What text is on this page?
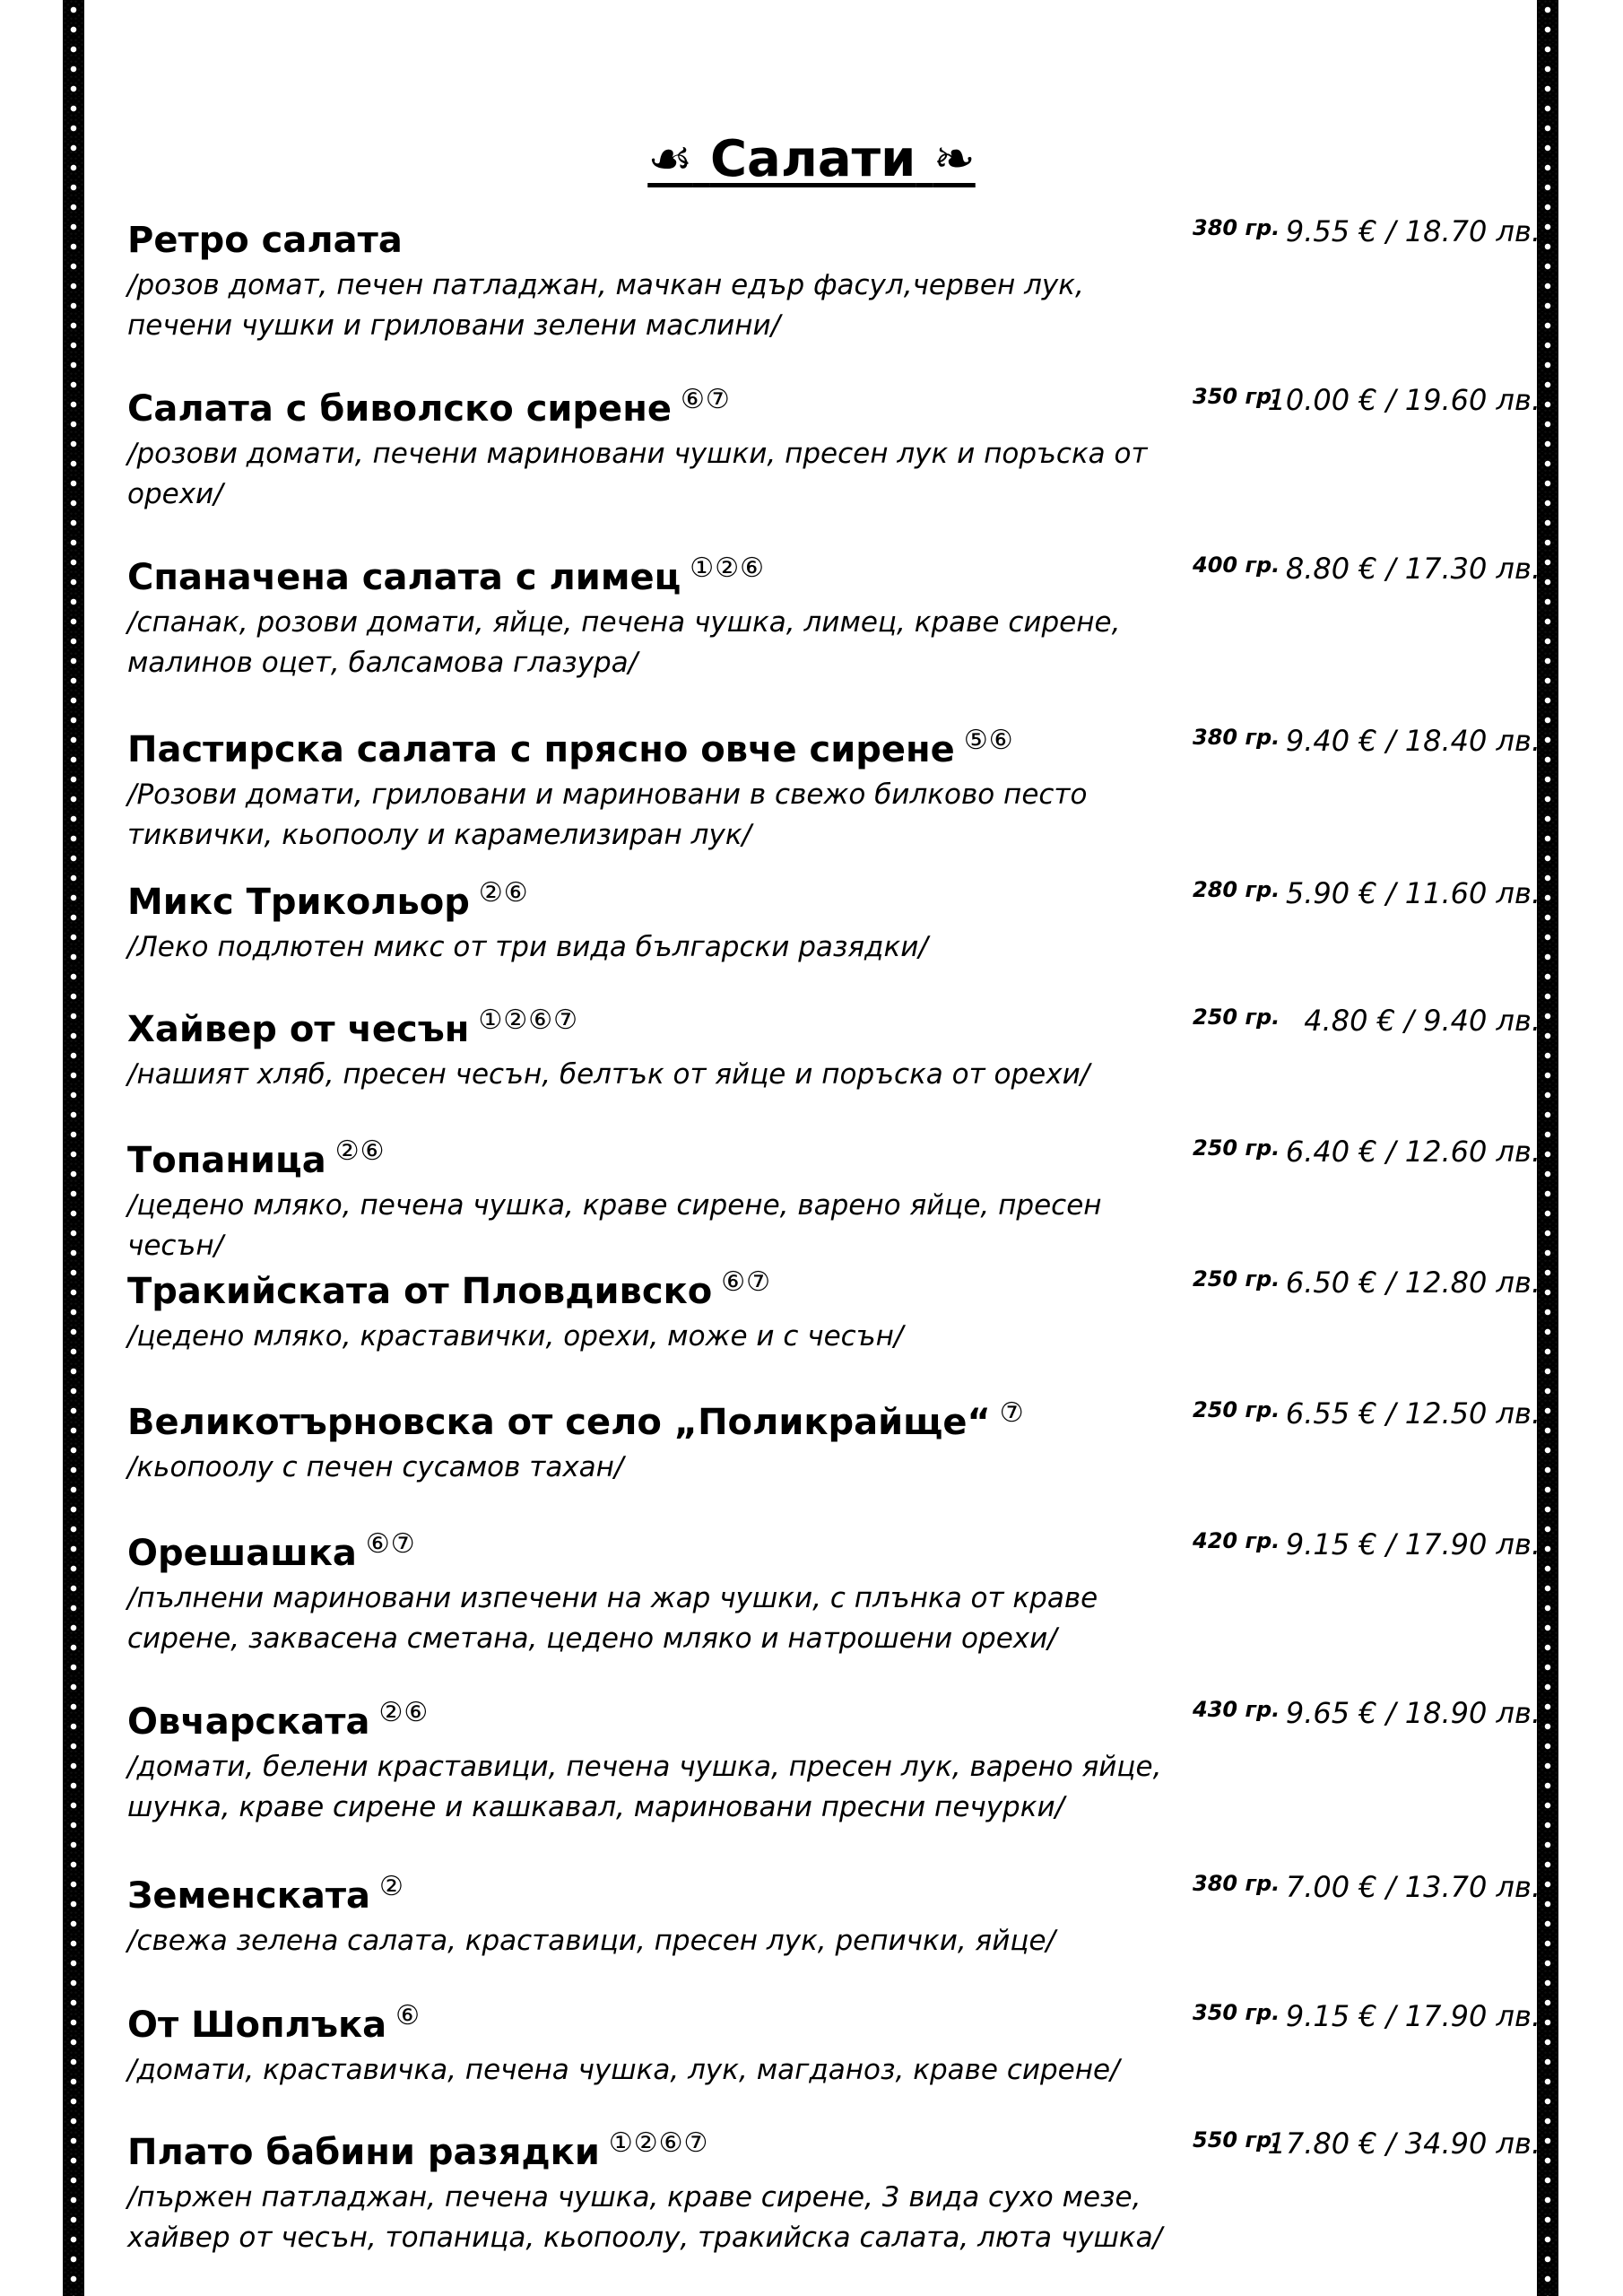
☙ Салати ❧
Ретро салата
/розов домат, печен патладжан, мачкан едър фасул,червен лук, печени чушки и гриловани зелени маслини/
380 гр. 9.55 € / 18.70 лв.
Салата с биволско сирене ⑥⑦
/розови домати, печени мариновани чушки, пресен лук и поръска от орехи/
350 гр.
10.00 € / 19.60 лв.
Спаначена салата с лимец ①②⑥
/спанак, розови домати, яйце, печена чушка, лимец, краве сирене, малинов оцет, балсамова глазура/
400 гр. 8.80 € / 17.30 лв.
Пастирска салата с прясно овче сирене ⑤⑥
/Розови домати, гриловани и мариновани в свежо билково песто тиквички, кьопоолу и карамелизиран лук/
380 гр. 9.40 € / 18.40 лв.
Микс Трикольор ②⑥
/Леко подлютен микс от три вида български разядки/
280 гр. 5.90 € / 11.60 лв.
Хайвер от чесън ①②⑥⑦
/нашият хляб, пресен чесън, белтък от яйце и поръска от орехи/
250 гр. 4.80 € / 9.40 лв.
Топаница ②⑥
/цедено мляко, печена чушка, краве сирене, варено яйце, пресен чесън/
250 гр. 6.40 € / 12.60 лв.
Тракийската от Пловдивско ⑥⑦
/цедено мляко, краставички, орехи, може и с чесън/
250 гр. 6.50 € / 12.80 лв.
Великотърновска от село „Поликрайще“ ⑦
/кьопоолу с печен сусамов тахан/
250 гр. 6.55 € / 12.50 лв.
Орешашка ⑥⑦
/пълнени мариновани изпечени на жар чушки, с плънка от краве сирене, заквасена сметана, цедено мляко и натрошени орехи/
420 гр. 9.15 € / 17.90 лв.
Овчарската ②⑥
/домати, белени краставици, печена чушка, пресен лук, варено яйце, шунка, краве сирене и кашкавал, мариновани пресни печурки/
430 гр. 9.65 € / 18.90 лв.
Земенската ②
/свежа зелена салата, краставици, пресен лук, репички, яйце/
380 гр. 7.00 € / 13.70 лв.
От Шоплъка ⑥
/домати, краставичка, печена чушка, лук, магданоз, краве сирене/
350 гр. 9.15 € / 17.90 лв.
Плато бабини разядки ①②⑥⑦
/пържен патладжан, печена чушка, краве сирене, 3 вида сухо мезе, хайвер от чесън, топаница, кьопоолу, тракийска салата, люта чушка/
550 гр.
17.80 € / 34.90 лв.
